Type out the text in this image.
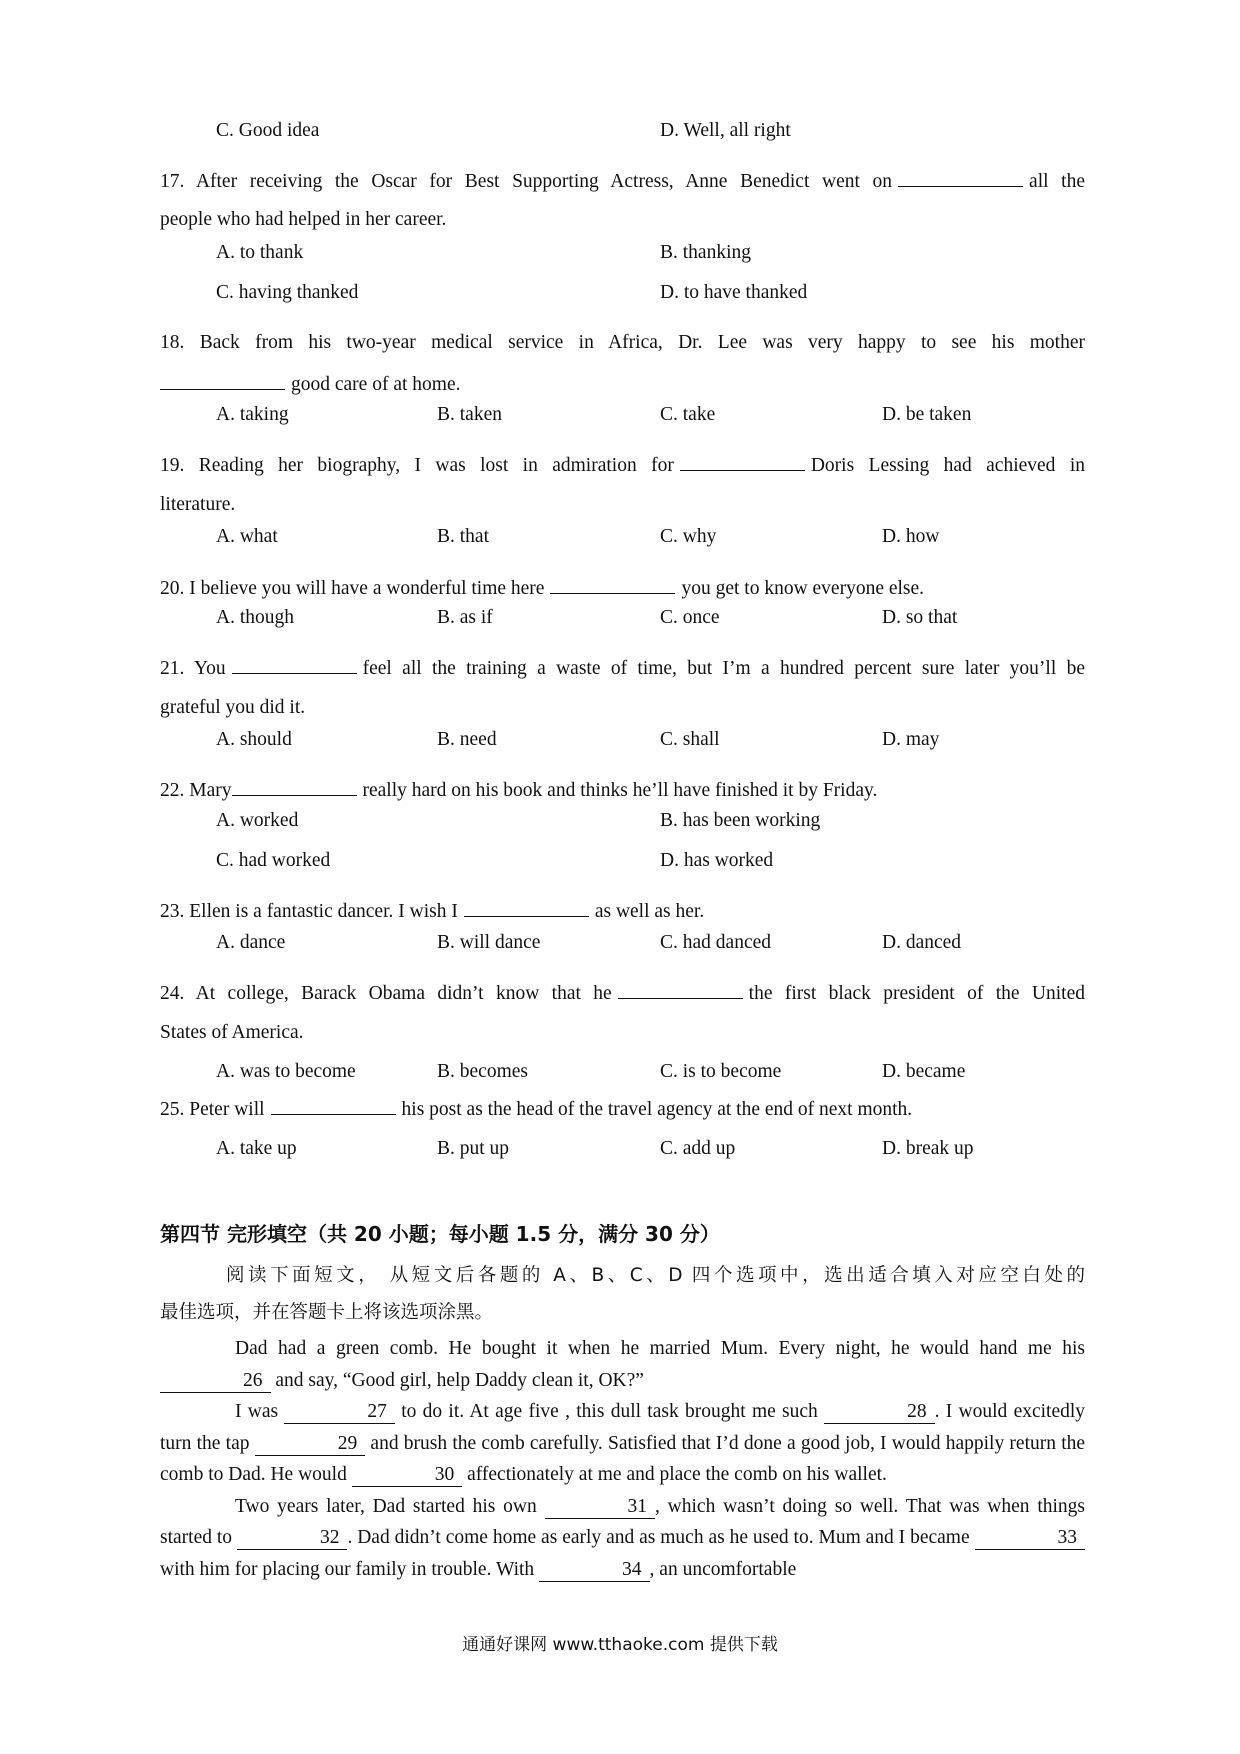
C. Good idea	D. Well, all right
17. After receiving the Oscar for Best Supporting Actress, Anne Benedict went on	all the
people who had helped in her career.
A. to thank	B. thanking
C. having thanked	D. to have thanked
18. Back from his two-year medical service in Africa, Dr. Lee was very happy to see his mother
good care of at home.
A. taking	B. taken	C. take	D. be taken
19. Reading her biography, I was lost in admiration for	Doris Lessing had achieved in
literature.
A. what	B. that	C. why	D. how
20. I believe you will have a wonderful time here	you get to know everyone else.
A. though	B. as if	C. once	D. so that
21. You	feel all the training a waste of time, but I’m a hundred percent sure later you’ll be
grateful you did it.
A. should	B. need	C. shall	D. may
22. Mary	really hard on his book and thinks he’ll have finished it by Friday.
A. worked	B. has been working
C. had worked	D. has worked
23. Ellen is a fantastic dancer. I wish I	as well as her.
A. dance	B. will dance	C. had danced	D. danced
24. At college, Barack Obama didn’t know that he	the first black president of the United
States of America.
A. was to become	B. becomes	C. is to become	D. became
25. Peter will	his post as the head of the travel agency at the end of next month.
A. take up	B. put up	C. add up	D. break up
第四节 完形填空（共 20 小题；每小题 1.5 分，满分 30 分）
阅读下面短文， 从短文后各题的 A、B、C、D 四个选项中，选出适合填入对应空白处的
最佳选项，并在答题卡上将该选项涂黑。

Dad had a green comb. He bought it when he married Mum. Every night, he would hand me his 26 and say, “Good girl, help Daddy clean it, OK?”

I was	27 to do it. At age five , this dull task brought me such	28 . I would excitedly turn the tap	29 and brush the comb carefully. Satisfied that I’d done a good job, I would happily return the comb to Dad. He would	30 affectionately at me and place the comb on his wallet.

Two years later, Dad started his own	31 , which wasn’t doing so well. That was when things started to	32 . Dad didn’t come home as early and as much as he used to. Mum and I became	33 with him for placing our family in trouble. With	34 , an uncomfortable

通通好课网 www.tthaoke.com 提供下载
